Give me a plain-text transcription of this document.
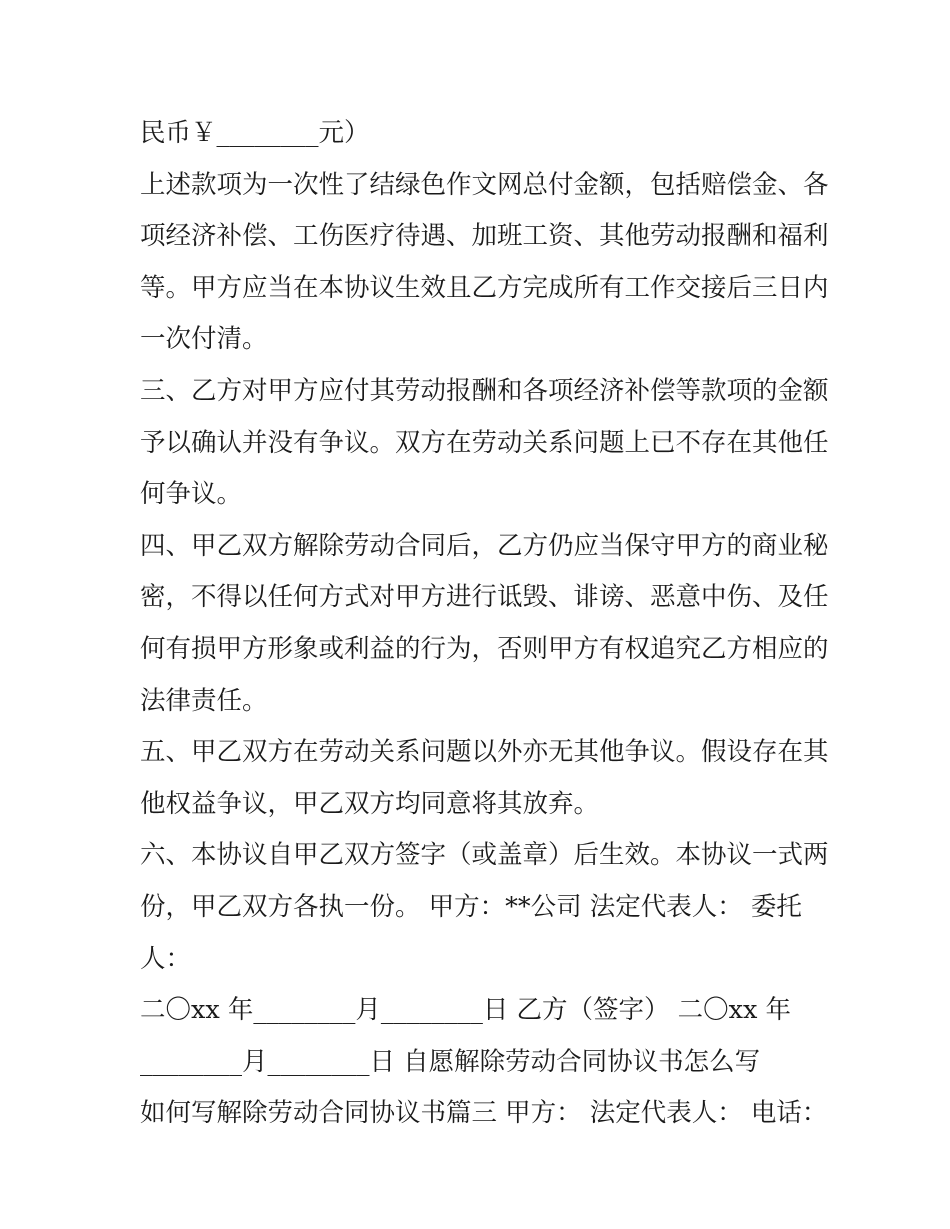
民币￥________元）
上述款项为一次性了结绿色作文网总付金额，包括赔偿金、各
项经济补偿、工伤医疗待遇、加班工资、其他劳动报酬和福利
等。甲方应当在本协议生效且乙方完成所有工作交接后三日内
一次付清。
三、乙方对甲方应付其劳动报酬和各项经济补偿等款项的金额
予以确认并没有争议。双方在劳动关系问题上已不存在其他任
何争议。
四、甲乙双方解除劳动合同后，乙方仍应当保守甲方的商业秘
密，不得以任何方式对甲方进行诋毁、诽谤、恶意中伤、及任
何有损甲方形象或利益的行为，否则甲方有权追究乙方相应的
法律责任。
五、甲乙双方在劳动关系问题以外亦无其他争议。假设存在其
他权益争议，甲乙双方均同意将其放弃。
六、本协议自甲乙双方签字（或盖章）后生效。本协议一式两
份，甲乙双方各执一份。 甲方：**公司 法定代表人： 委托
人：
二〇xx 年________月________日 乙方（签字） 二〇xx 年
________月________日 自愿解除劳动合同协议书怎么写
如何写解除劳动合同协议书篇三 甲方： 法定代表人： 电话：
